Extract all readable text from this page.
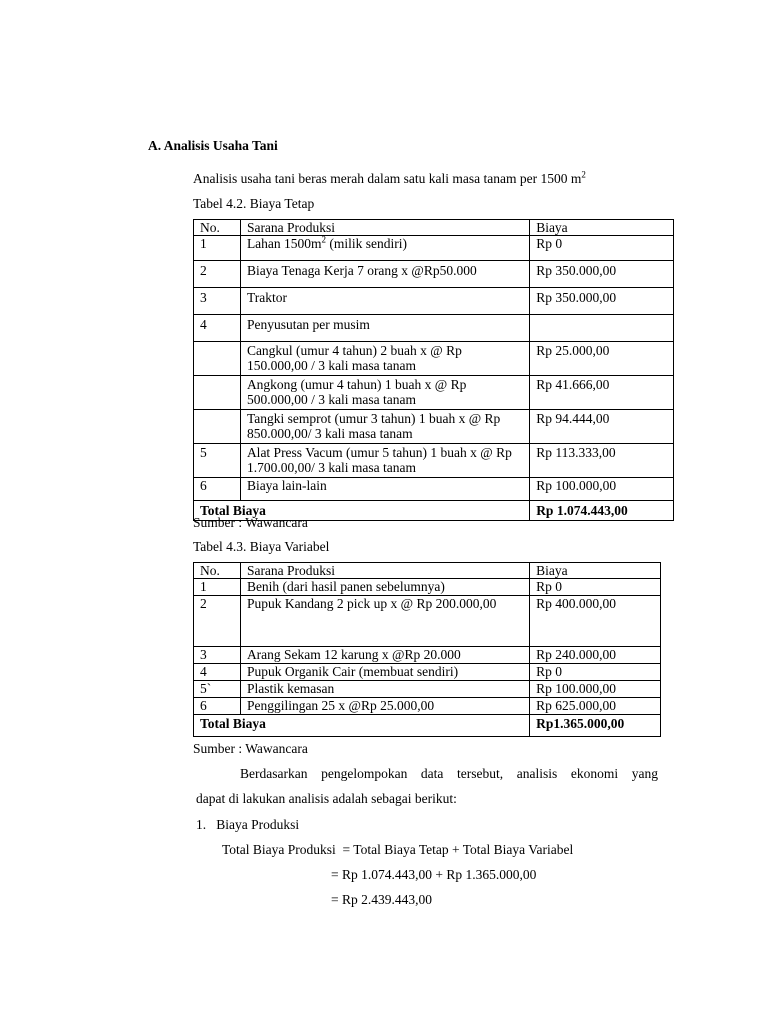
A. Analisis Usaha Tani
Analisis usaha tani beras merah dalam satu kali masa tanam per 1500 $m^2$
Tabel 4.2. Biaya Tetap
No.	Sarana Produksi	Biaya
1	Lahan $1500m^2$ (milik sendiri)	Rp 0
2	Biaya Tenaga Kerja 7 orang x @Rp50.000	Rp 350.000,00
3	Traktor	Rp 350.000,00
4	Penyusutan per musim	
	Cangkul (umur 4 tahun) 2 buah x @ Rp 150.000,00 / 3 kali masa tanam	Rp 25.000,00
	Angkong (umur 4 tahun) 1 buah x @ Rp 500.000,00 / 3 kali masa tanam	Rp 41.666,00
	Tangki semprot (umur 3 tahun) 1 buah x @ Rp 850.000,00/ 3 kali masa tanam	Rp 94.444,00
5	Alat Press Vacum (umur 5 tahun) 1 buah x @ Rp 1.700.00,00/ 3 kali masa tanam	Rp 113.333,00
6	Biaya lain-lain	Rp 100.000,00
Total Biaya		Rp 1.074.443,00
Sumber : Wawancara
Tabel 4.3. Biaya Variabel
No.	Sarana Produksi	Biaya
1	Benih (dari hasil panen sebelumnya)	Rp 0
2	Pupuk Kandang 2 pick up x @ Rp 200.000,00	Rp 400.000,00
3	Arang Sekam 12 karung x @Rp 20.000	Rp 240.000,00
4	Pupuk Organik Cair (membuat sendiri)	Rp 0
5`	Plastik kemasan	Rp 100.000,00
6	Penggilingan 25 x @Rp 25.000,00	Rp 625.000,00
Total Biaya		Rp1.365.000,00
Sumber : Wawancara
Berdasarkan pengelompokan data tersebut, analisis ekonomi yang
dapat di lakukan analisis adalah sebagai berikut:
1.   Biaya Produksi
Total Biaya Produksi  = Total Biaya Tetap + Total Biaya Variabel
= Rp 1.074.443,00 + Rp 1.365.000,00
= Rp 2.439.443,00
